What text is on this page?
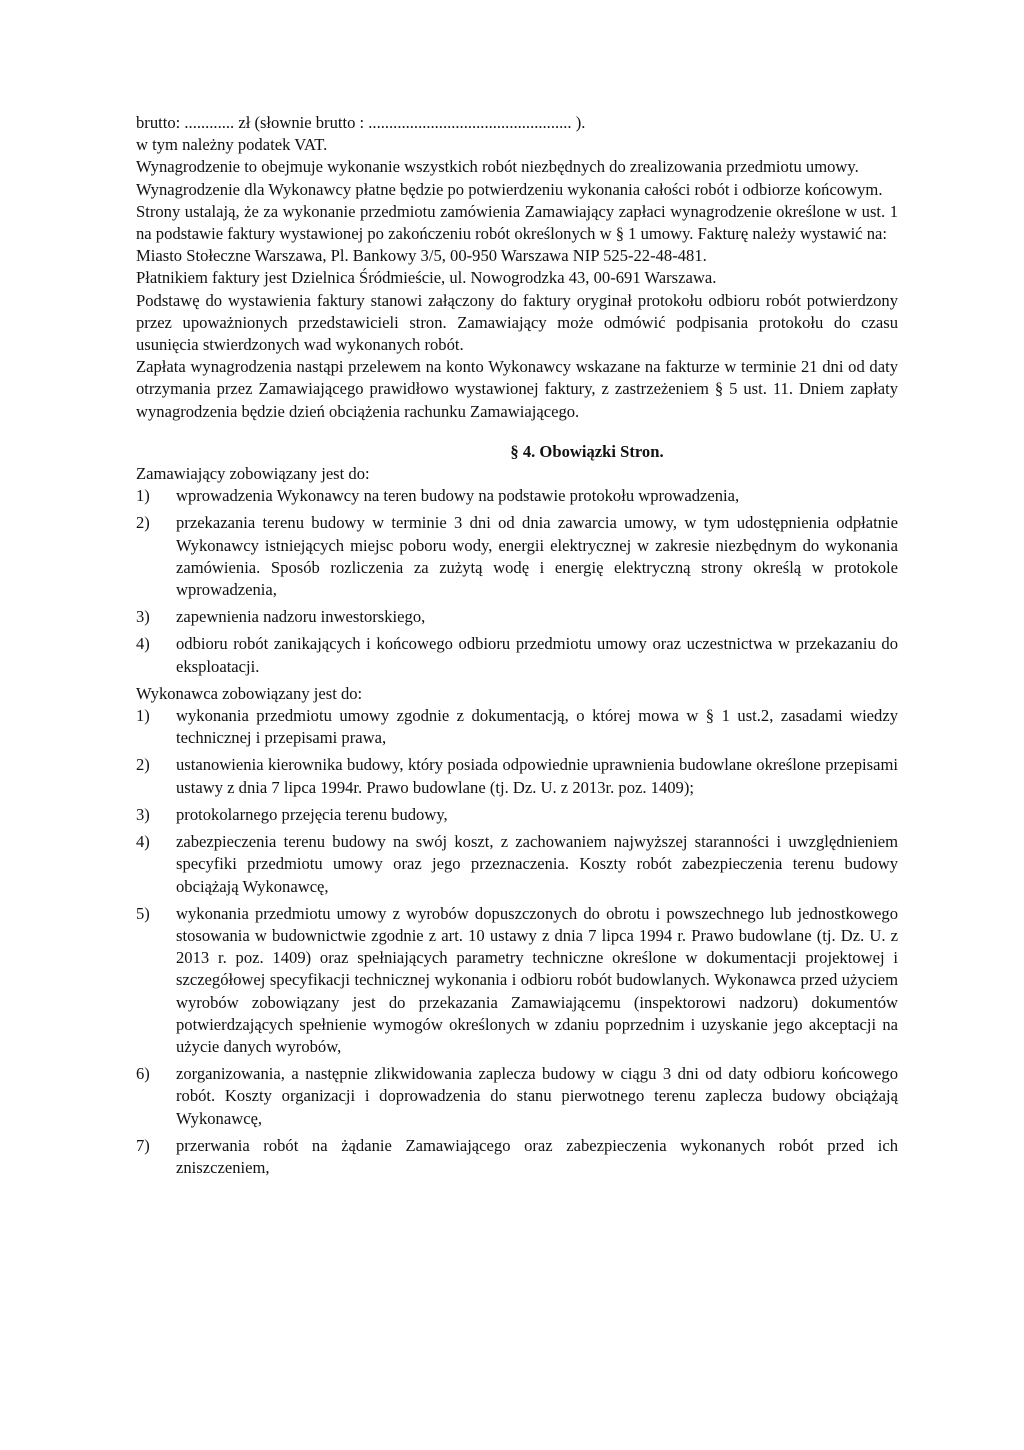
brutto: ............ zł (słownie brutto : ................................................. ).

w tym należny podatek VAT.

Wynagrodzenie to obejmuje wykonanie wszystkich robót niezbędnych do zrealizowania przedmiotu umowy.

Wynagrodzenie dla Wykonawcy płatne będzie po potwierdzeniu wykonania całości robót i odbiorze końcowym.

Strony ustalają, że za wykonanie przedmiotu zamówienia Zamawiający zapłaci wynagrodzenie określone w ust. 1 na podstawie faktury wystawionej po zakończeniu robót określonych w § 1 umowy. Fakturę należy wystawić na:

Miasto Stołeczne Warszawa, Pl. Bankowy 3/5, 00-950 Warszawa NIP 525-22-48-481.

Płatnikiem faktury jest Dzielnica Śródmieście, ul. Nowogrodzka 43, 00-691 Warszawa.

Podstawę do wystawienia faktury stanowi załączony do faktury oryginał protokołu odbioru robót potwierdzony przez upoważnionych przedstawicieli stron. Zamawiający może odmówić podpisania protokołu do czasu usunięcia stwierdzonych wad wykonanych robót.

Zapłata wynagrodzenia nastąpi przelewem na konto Wykonawcy wskazane na fakturze w terminie 21 dni od daty otrzymania przez Zamawiającego prawidłowo wystawionej faktury, z zastrzeżeniem § 5 ust. 11. Dniem zapłaty wynagrodzenia będzie dzień obciążenia rachunku Zamawiającego.

§ 4. Obowiązki Stron.

Zamawiający zobowiązany jest do:

1)	wprowadzenia Wykonawcy na teren budowy na podstawie protokołu wprowadzenia,
2)	przekazania terenu budowy w terminie 3 dni od dnia zawarcia umowy, w tym udostępnienia odpłatnie Wykonawcy istniejących miejsc poboru wody, energii elektrycznej w zakresie niezbędnym do wykonania zamówienia. Sposób rozliczenia za zużytą wodę i energię elektryczną strony określą w protokole wprowadzenia,
3)	zapewnienia nadzoru inwestorskiego,
4)	odbioru robót zanikających i końcowego odbioru przedmiotu umowy oraz uczestnictwa w przekazaniu do eksploatacji.

Wykonawca zobowiązany jest do:

1)	wykonania przedmiotu umowy zgodnie z dokumentacją, o której mowa w § 1 ust.2, zasadami wiedzy technicznej i przepisami prawa,
2)	ustanowienia kierownika budowy, który posiada odpowiednie uprawnienia budowlane określone przepisami ustawy z dnia 7 lipca 1994r. Prawo budowlane (tj. Dz. U. z 2013r. poz. 1409);
3)	protokolarnego przejęcia terenu budowy,
4)	zabezpieczenia terenu budowy na swój koszt, z zachowaniem najwyższej staranności i uwzględnieniem specyfiki przedmiotu umowy oraz jego przeznaczenia. Koszty robót zabezpieczenia terenu budowy obciążają Wykonawcę,
5)	wykonania przedmiotu umowy z wyrobów dopuszczonych do obrotu i powszechnego lub jednostkowego stosowania w budownictwie zgodnie z art. 10 ustawy z dnia 7 lipca 1994 r. Prawo budowlane (tj. Dz. U. z 2013 r. poz. 1409) oraz spełniających parametry techniczne określone w dokumentacji projektowej i szczegółowej specyfikacji technicznej wykonania i odbioru robót budowlanych. Wykonawca przed użyciem wyrobów zobowiązany jest do przekazania Zamawiającemu (inspektorowi nadzoru) dokumentów potwierdzających spełnienie wymogów określonych w zdaniu poprzednim i uzyskanie jego akceptacji na użycie danych wyrobów,
6)	zorganizowania, a następnie zlikwidowania zaplecza budowy w ciągu 3 dni od daty odbioru końcowego robót. Koszty organizacji i doprowadzenia do stanu pierwotnego terenu zaplecza budowy obciążają Wykonawcę,
7)	przerwania robót na żądanie Zamawiającego oraz zabezpieczenia wykonanych robót przed ich zniszczeniem,
